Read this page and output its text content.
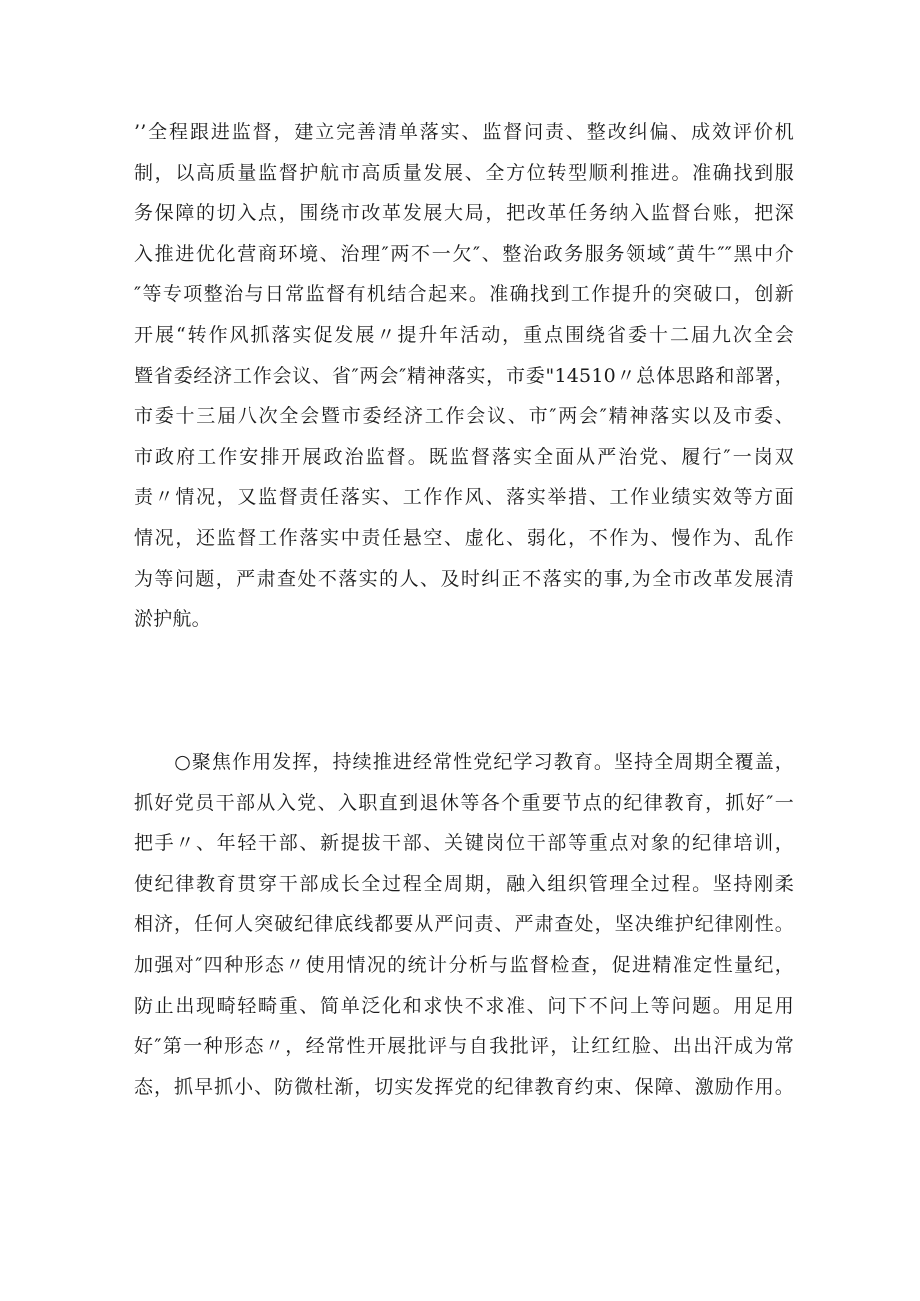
’’全程跟进监督，建立完善清单落实、监督问责、整改纠偏、成效评价机
制，以高质量监督护航市高质量发展、全方位转型顺利推进。准确找到服
务保障的切入点，围绕市改革发展大局，把改革任务纳入监督台账，把深
入推进优化营商环境、治理″两不一欠″、整治政务服务领域″黄牛″″黑中介
″等专项整治与日常监督有机结合起来。准确找到工作提升的突破口，创新
开展“转作风抓落实促发展〃提升年活动，重点围绕省委十二届九次全会
暨省委经济工作会议、省″两会″精神落实，市委"14510〃总体思路和部署，
市委十三届八次全会暨市委经济工作会议、市″两会″精神落实以及市委、
市政府工作安排开展政治监督。既监督落实全面从严治党、履行″一岗双
责〃情况，又监督责任落实、工作作风、落实举措、工作业绩实效等方面
情况，还监督工作落实中责任悬空、虚化、弱化，不作为、慢作为、乱作
为等问题，严肃查处不落实的人、及时纠正不落实的事,为全市改革发展清
淤护航。
　　○聚焦作用发挥，持续推进经常性党纪学习教育。坚持全周期全覆盖，
抓好党员干部从入党、入职直到退休等各个重要节点的纪律教育，抓好″一
把手〃、年轻干部、新提拔干部、关键岗位干部等重点对象的纪律培训，
使纪律教育贯穿干部成长全过程全周期，融入组织管理全过程。坚持刚柔
相济，任何人突破纪律底线都要从严问责、严肃查处，坚决维护纪律刚性。
加强对″四种形态〃使用情况的统计分析与监督检查，促进精准定性量纪，
防止出现畸轻畸重、简单泛化和求快不求准、问下不问上等问题。用足用
好″第一种形态〃，经常性开展批评与自我批评，让红红脸、出出汗成为常
态，抓早抓小、防微杜渐，切实发挥党的纪律教育约束、保障、激励作用。
